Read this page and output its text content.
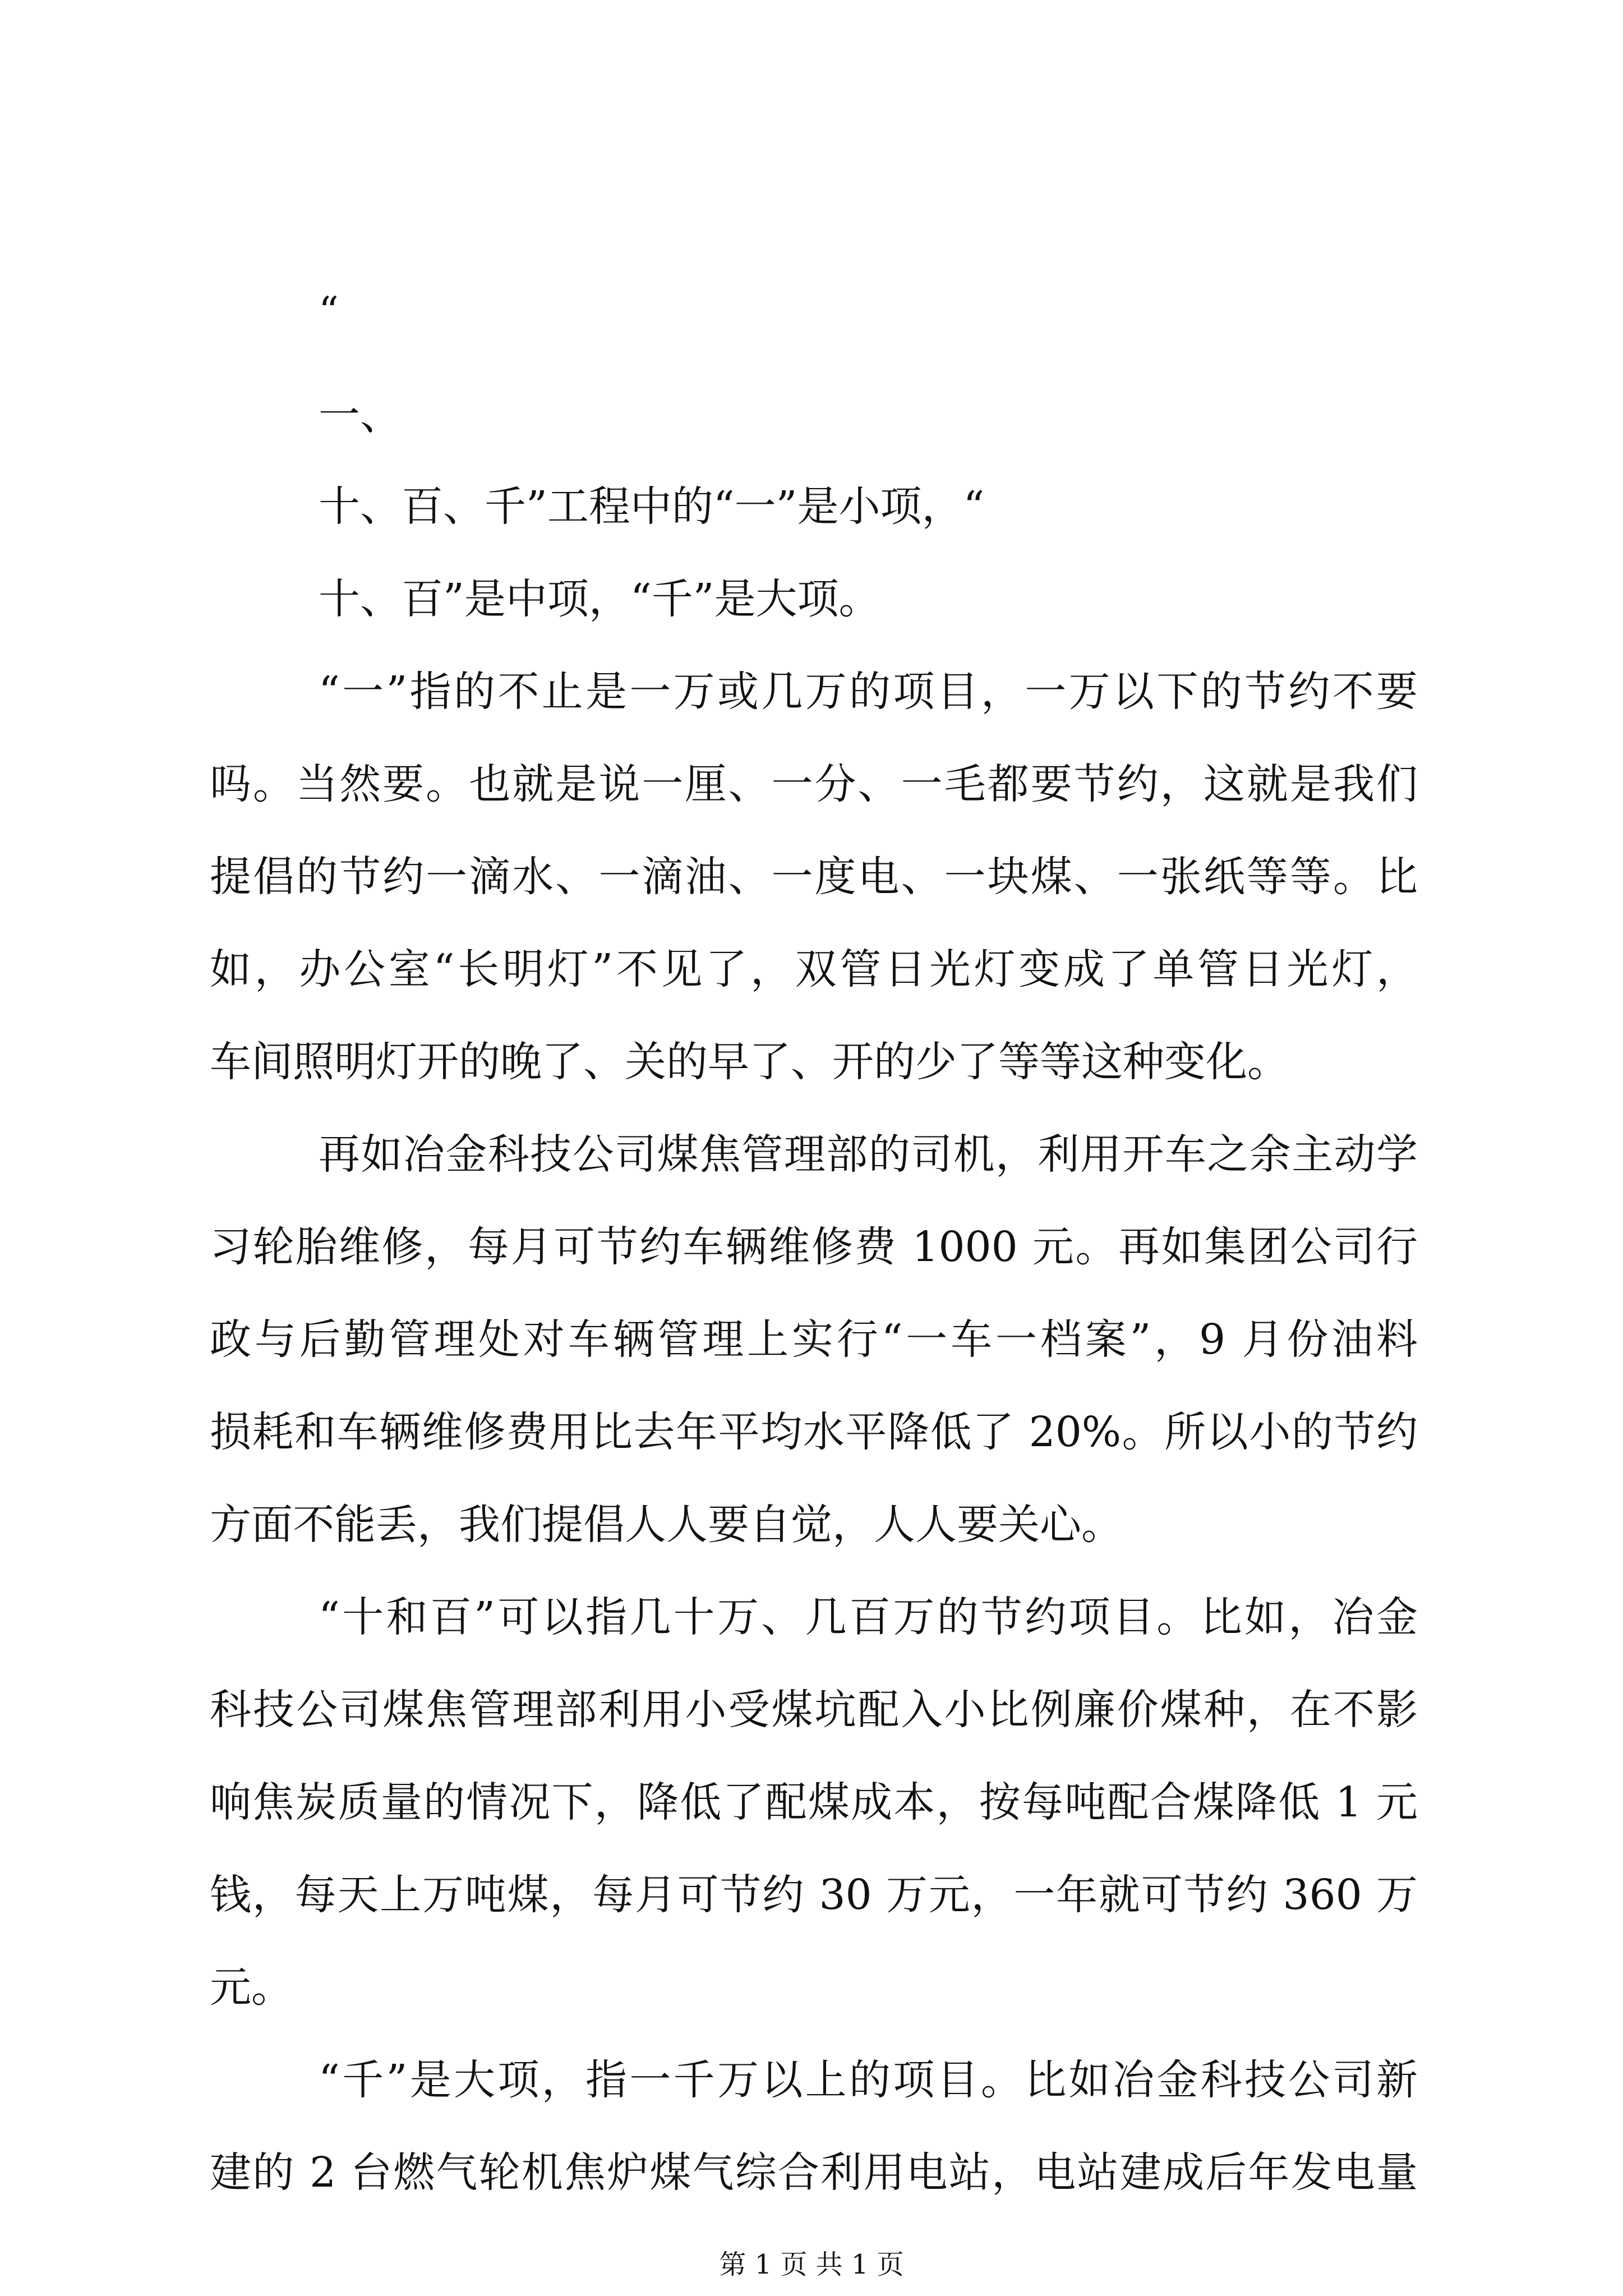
“
一、
十、百、千”工程中的“一”是小项，“
十、百”是中项，“千”是大项。
“一”指的不止是一万或几万的项目，一万以下的节约不要
吗。当然要。也就是说一厘、一分、一毛都要节约，这就是我们
提倡的节约一滴水、一滴油、一度电、一块煤、一张纸等等。比
如，办公室“长明灯”不见了，双管日光灯变成了单管日光灯，
车间照明灯开的晚了、关的早了、开的少了等等这种变化。
再如冶金科技公司煤焦管理部的司机，利用开车之余主动学
习轮胎维修，每月可节约车辆维修费 1000 元。再如集团公司行
政与后勤管理处对车辆管理上实行“一车一档案”，9 月份油料
损耗和车辆维修费用比去年平均水平降低了 20%。所以小的节约
方面不能丢，我们提倡人人要自觉，人人要关心。
“十和百”可以指几十万、几百万的节约项目。比如，冶金
科技公司煤焦管理部利用小受煤坑配入小比例廉价煤种，在不影
响焦炭质量的情况下，降低了配煤成本，按每吨配合煤降低 1 元
钱，每天上万吨煤，每月可节约 30 万元，一年就可节约 360 万
元。
“千”是大项，指一千万以上的项目。比如冶金科技公司新
建的 2 台燃气轮机焦炉煤气综合利用电站，电站建成后年发电量
第 1 页 共 1 页
